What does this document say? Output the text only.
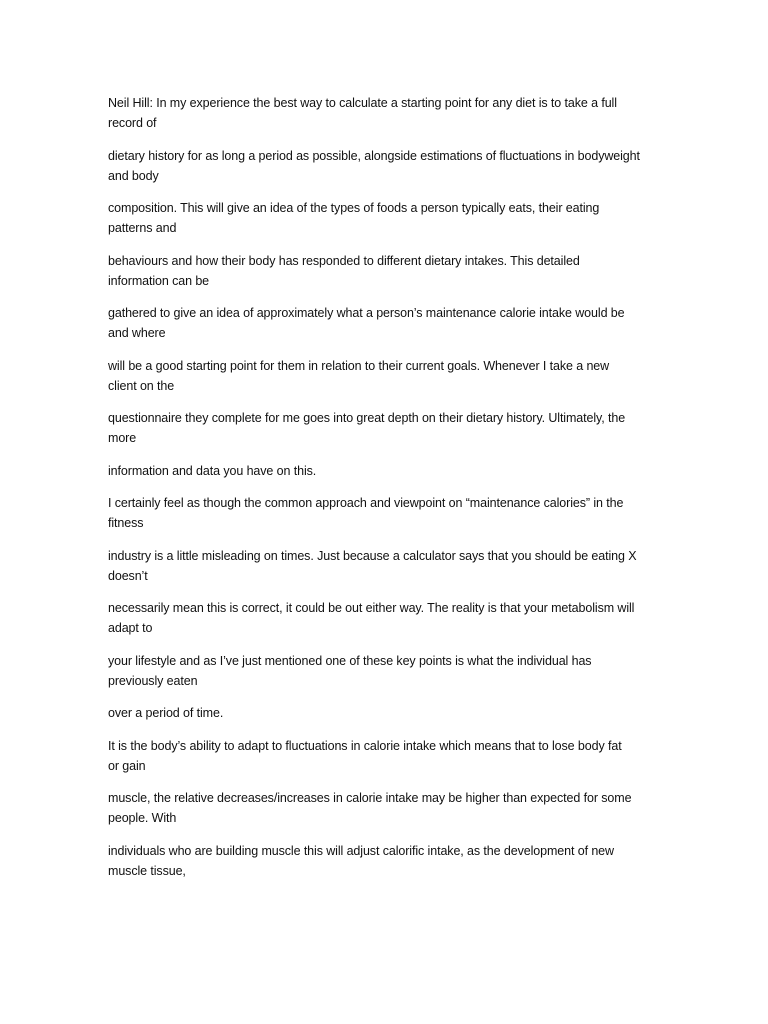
Neil Hill: In my experience the best way to calculate a starting point for any diet is to take a full
record of

dietary history for as long a period as possible, alongside estimations of fluctuations in bodyweight
and body

composition. This will give an idea of the types of foods a person typically eats, their eating
patterns and

behaviours and how their body has responded to different dietary intakes. This detailed
information can be

gathered to give an idea of approximately what a person’s maintenance calorie intake would be
and where

will be a good starting point for them in relation to their current goals. Whenever I take a new
client on the

questionnaire they complete for me goes into great depth on their dietary history. Ultimately, the
more

information and data you have on this.

I certainly feel as though the common approach and viewpoint on “maintenance calories” in the
fitness

industry is a little misleading on times. Just because a calculator says that you should be eating X
doesn’t

necessarily mean this is correct, it could be out either way. The reality is that your metabolism will
adapt to

your lifestyle and as I’ve just mentioned one of these key points is what the individual has
previously eaten

over a period of time.

It is the body’s ability to adapt to fluctuations in calorie intake which means that to lose body fat
or gain

muscle, the relative decreases/increases in calorie intake may be higher than expected for some
people. With

individuals who are building muscle this will adjust calorific intake, as the development of new
muscle tissue,
